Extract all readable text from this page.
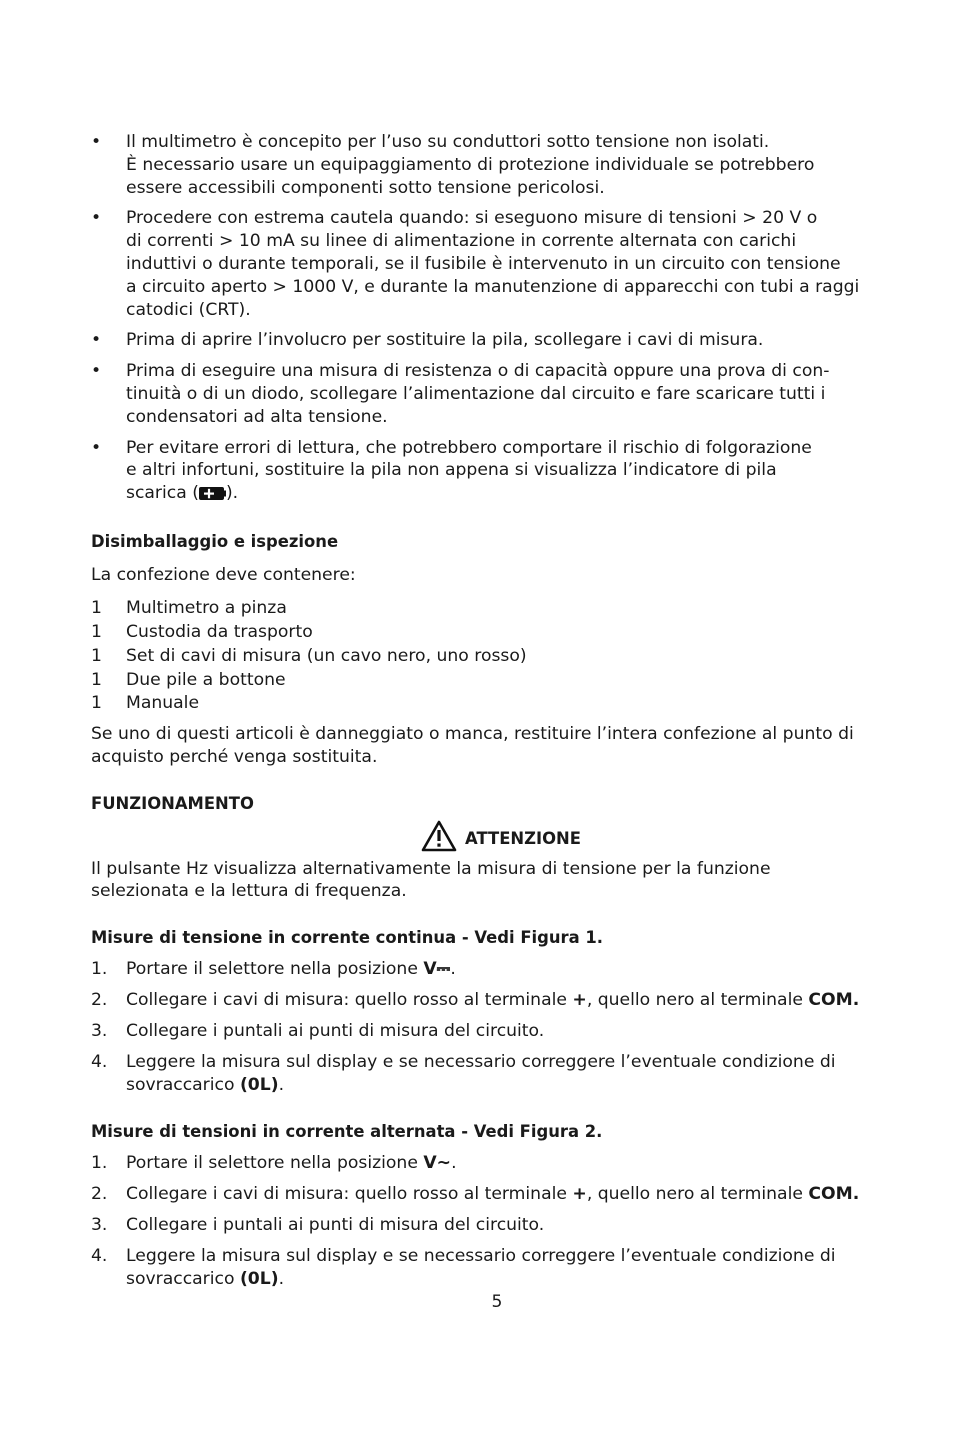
• Il multimetro è concepito per l’uso su conduttori sotto tensione non isolati.
È necessario usare un equipaggiamento di protezione individuale se potrebbero
essere accessibili componenti sotto tensione pericolosi.
• Procedere con estrema cautela quando: si eseguono misure di tensioni > 20 V o
di correnti > 10 mA su linee di alimentazione in corrente alternata con carichi
induttivi o durante temporali, se il fusibile è intervenuto in un circuito con tensione
a circuito aperto > 1000 V, e durante la manutenzione di apparecchi con tubi a raggi
catodici (CRT).
• Prima di aprire l’involucro per sostituire la pila, scollegare i cavi di misura.
• Prima di eseguire una misura di resistenza o di capacità oppure una prova di con-
tinuità o di un diodo, scollegare l’alimentazione dal circuito e fare scaricare tutti i
condensatori ad alta tensione.
• Per evitare errori di lettura, che potrebbero comportare il rischio di folgorazione
e altri infortuni, sostituire la pila non appena si visualizza l’indicatore di pila
scarica ( ).
Disimballaggio e ispezione
La confezione deve contenere:
1 Multimetro a pinza
1 Custodia da trasporto
1 Set di cavi di misura (un cavo nero, uno rosso)
1 Due pile a bottone
1 Manuale
Se uno di questi articoli è danneggiato o manca, restituire l’intera confezione al punto di
acquisto perché venga sostituita.
FUNZIONAMENTO
ATTENZIONE
Il pulsante Hz visualizza alternativamente la misura di tensione per la funzione
selezionata e la lettura di frequenza.
Misure di tensione in corrente continua - Vedi Figura 1.
1. Portare il selettore nella posizione V⎓.
2. Collegare i cavi di misura: quello rosso al terminale +, quello nero al terminale COM.
3. Collegare i puntali ai punti di misura del circuito.
4. Leggere la misura sul display e se necessario correggere l’eventuale condizione di
sovraccarico (0L).
Misure di tensioni in corrente alternata - Vedi Figura 2.
1. Portare il selettore nella posizione V∼.
2. Collegare i cavi di misura: quello rosso al terminale +, quello nero al terminale COM.
3. Collegare i puntali ai punti di misura del circuito.
4. Leggere la misura sul display e se necessario correggere l’eventuale condizione di
sovraccarico (0L).
5
